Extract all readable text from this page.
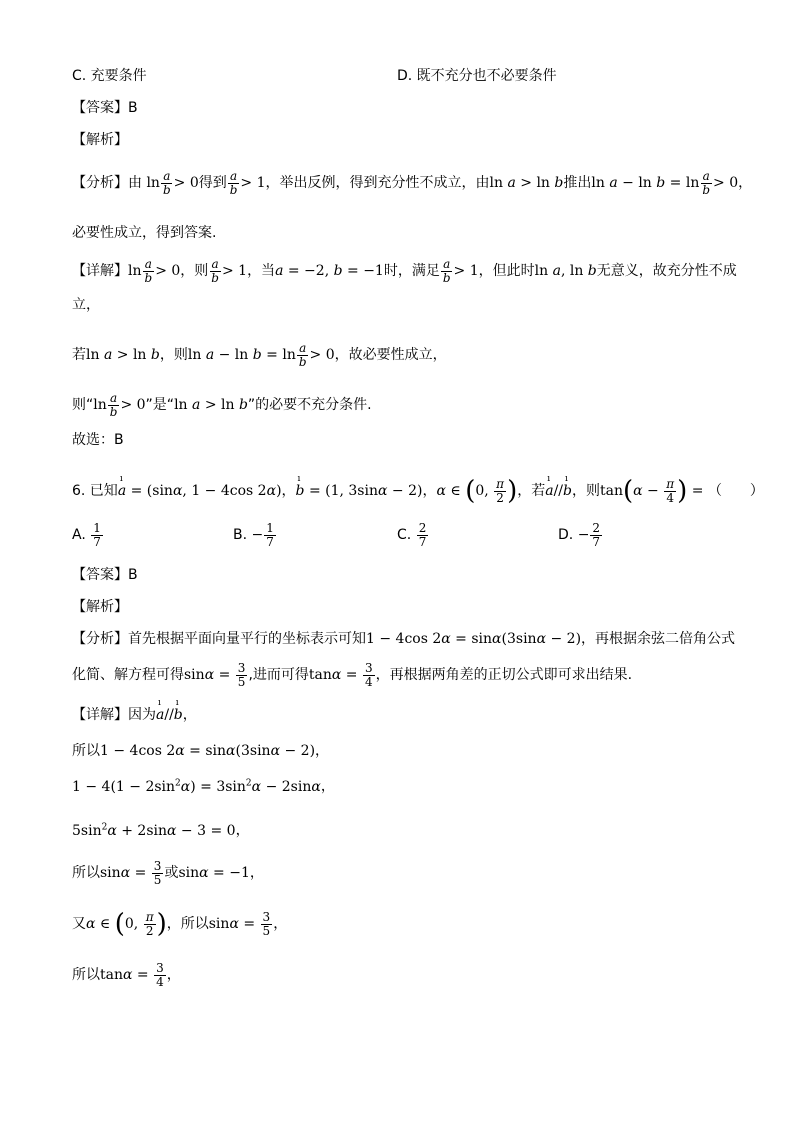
C. 充要条件	D. 既不充分也不必要条件
【答案】B
【解析】
【分析】由 $\ln \frac{a}{b} > 0$得到 $\frac{a}{b} > 1$，举出反例，得到充分性不成立，由ln a > ln b推出$\ln a - \ln b = \ln \frac{a}{b} > 0$，
必要性成立，得到答案.
【详解】$\ln \frac{a}{b} > 0$，则 $\frac{a}{b} > 1$，当a = −2, b = −1时，满足 $\frac{a}{b} > 1$，但此时ln a, ln b无意义，故充分性不成
立，
若ln a > ln b，则$\ln a - \ln b = \ln \frac{a}{b} > 0$，故必要性成立，
则“$\ln \frac{a}{b} > 0$”是“ln a > ln b”的必要不充分条件.
故选：B
6. 已知ı a = (sinα, 1 − 4cos 2α)，ı b = (1, 3sinα − 2)，α ∈ (0, $\frac{\pi}{2}$ )，若ı a//ı b，则$\tan(\alpha - \frac{\pi}{4}$ ) = （　　）
A. $\frac{1}{7}$	B. − $\frac{1}{7}$	C. $\frac{2}{7}$	D. − $\frac{2}{7}$
【答案】B
【解析】
【分析】首先根据平面向量平行的坐标表示可知1 − 4cos 2α = sinα(3sinα − 2)，再根据余弦二倍角公式
化简、解方程可得$\sin\alpha = \frac{3}{5}$ ,进而可得$\tan\alpha = \frac{3}{4}$ ，再根据两角差的正切公式即可求出结果.
【详解】因为ı a//ı b，
所以1 − 4cos 2α = sinα(3sinα − 2)，
$1 - 4(1 - 2\sin^2\alpha) = 3\sin^2\alpha - 2\sin\alpha$，
$5\sin^2\alpha + 2\sin\alpha - 3 = 0$，
所以$\sin\alpha = \frac{3}{5}$ 或sinα = −1，
又α ∈ (0, $\frac{\pi}{2}$ )，所以$\sin\alpha = \frac{3}{5}$ ，
所以$\tan\alpha = \frac{3}{4}$ ，
